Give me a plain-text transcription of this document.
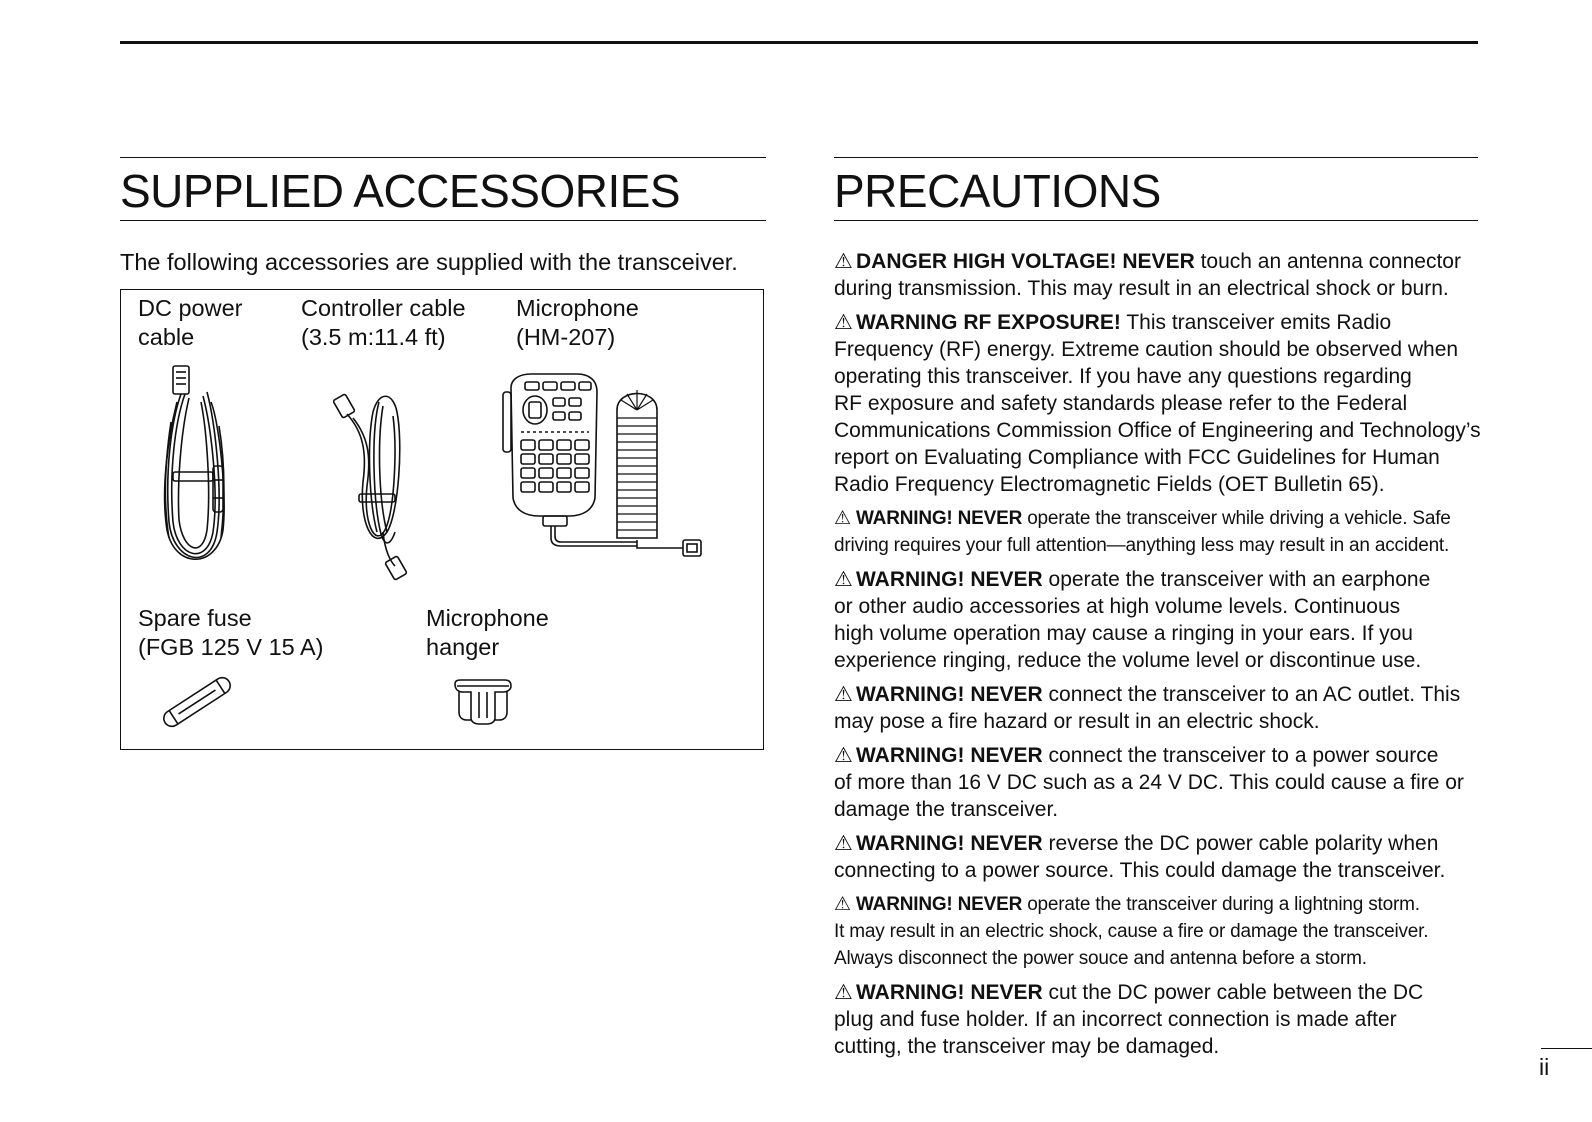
SUPPLIED ACCESSORIES
The following accessories are supplied with the transceiver.
DC power
cable
Controller cable
(3.5 m:11.4 ft)
Microphone
(HM-207)
Spare fuse
(FGB 125 V 15 A)
Microphone
hanger
PRECAUTIONS

⚠ DANGER HIGH VOLTAGE! NEVER touch an antenna connector
during transmission. This may result in an electrical shock or burn.

⚠ WARNING RF EXPOSURE! This transceiver emits Radio
Frequency (RF) energy. Extreme caution should be observed when
operating this transceiver. If you have any questions regarding
RF exposure and safety standards please refer to the Federal
Communications Commission Office of Engineering and Technology’s
report on Evaluating Compliance with FCC Guidelines for Human
Radio Frequency Electromagnetic Fields (OET Bulletin 65).

⚠ WARNING! NEVER operate the transceiver while driving a vehicle. Safe
driving requires your full attention—anything less may result in an accident.

⚠ WARNING! NEVER operate the transceiver with an earphone
or other audio accessories at high volume levels. Continuous
high volume operation may cause a ringing in your ears. If you
experience ringing, reduce the volume level or discontinue use.

⚠ WARNING! NEVER connect the transceiver to an AC outlet. This
may pose a fire hazard or result in an electric shock.

⚠ WARNING! NEVER connect the transceiver to a power source
of more than 16 V DC such as a 24 V DC. This could cause a fire or
damage the transceiver.

⚠ WARNING! NEVER reverse the DC power cable polarity when
connecting to a power source. This could damage the transceiver.

⚠ WARNING! NEVER operate the transceiver during a lightning storm.
It may result in an electric shock, cause a fire or damage the transceiver.
Always disconnect the power souce and antenna before a storm.

⚠ WARNING! NEVER cut the DC power cable between the DC
plug and fuse holder. If an incorrect connection is made after
cutting, the transceiver may be damaged.

ii
